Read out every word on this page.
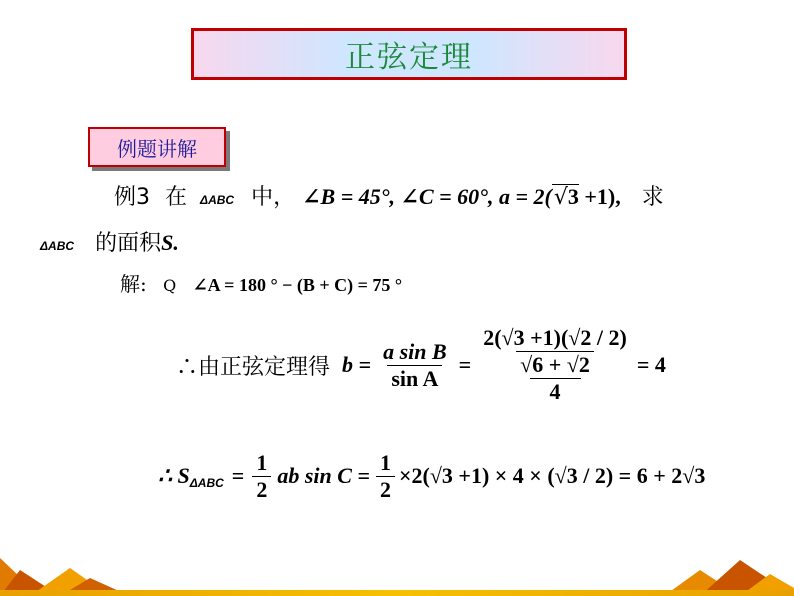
正弦定理
例题讲解
例3 在 ΔABC 中， ∠B = 45°, ∠C = 60°, a = 2(√3 +1), 求
ΔABC 的面积S.
解: Q ∠A = 180 ° − (B + C) = 75 °
∴由正弦定理得 $b = \frac{\text{a sin B}}{\text{sin A}} = 2(√3 +1)(√2 / 2)$
√6 + √2
4 = 4
∴ S $\Delta ABC = \frac{1}{2}$ ab $\sin C = \frac{1}{2} \times 2(√3 +1) \times 4 \times (√3 / 2) = 6 + 2√3$
